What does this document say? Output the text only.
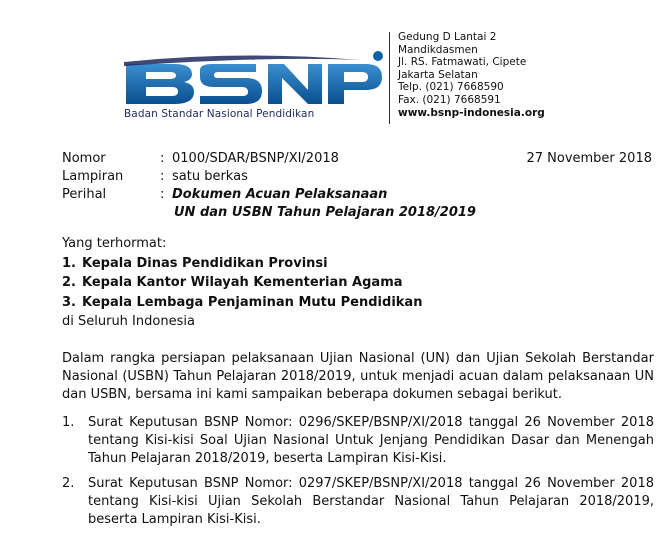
Badan Standar Nasional Pendidikan
Gedung D Lantai 2
Mandikdasmen
Jl. RS. Fatmawati, Cipete
Jakarta Selatan
Telp. (021) 7668590
Fax. (021) 7668591
www.bsnp-indonesia.org
Nomor	: 0100/SDAR/BSNP/XI/2018
Lampiran	: satu berkas
Perihal	: Dokumen Acuan Pelaksanaan
UN dan USBN Tahun Pelajaran 2018/2019
27 November 2018
Yang terhormat:
1. Kepala Dinas Pendidikan Provinsi
2. Kepala Kantor Wilayah Kementerian Agama
3. Kepala Lembaga Penjaminan Mutu Pendidikan
di Seluruh Indonesia
Dalam rangka persiapan pelaksanaan Ujian Nasional (UN) dan Ujian Sekolah Berstandar Nasional (USBN) Tahun Pelajaran 2018/2019, untuk menjadi acuan dalam pelaksanaan UN dan USBN, bersama ini kami sampaikan beberapa dokumen sebagai berikut.
1.	Surat Keputusan BSNP Nomor: 0296/SKEP/BSNP/XI/2018 tanggal 26 November 2018 tentang Kisi-kisi Soal Ujian Nasional Untuk Jenjang Pendidikan Dasar dan Menengah Tahun Pelajaran 2018/2019, beserta Lampiran Kisi-Kisi.
2.	Surat Keputusan BSNP Nomor: 0297/SKEP/BSNP/XI/2018 tanggal 26 November 2018 tentang Kisi-kisi Ujian Sekolah Berstandar Nasional Tahun Pelajaran 2018/2019, beserta Lampiran Kisi-Kisi.
